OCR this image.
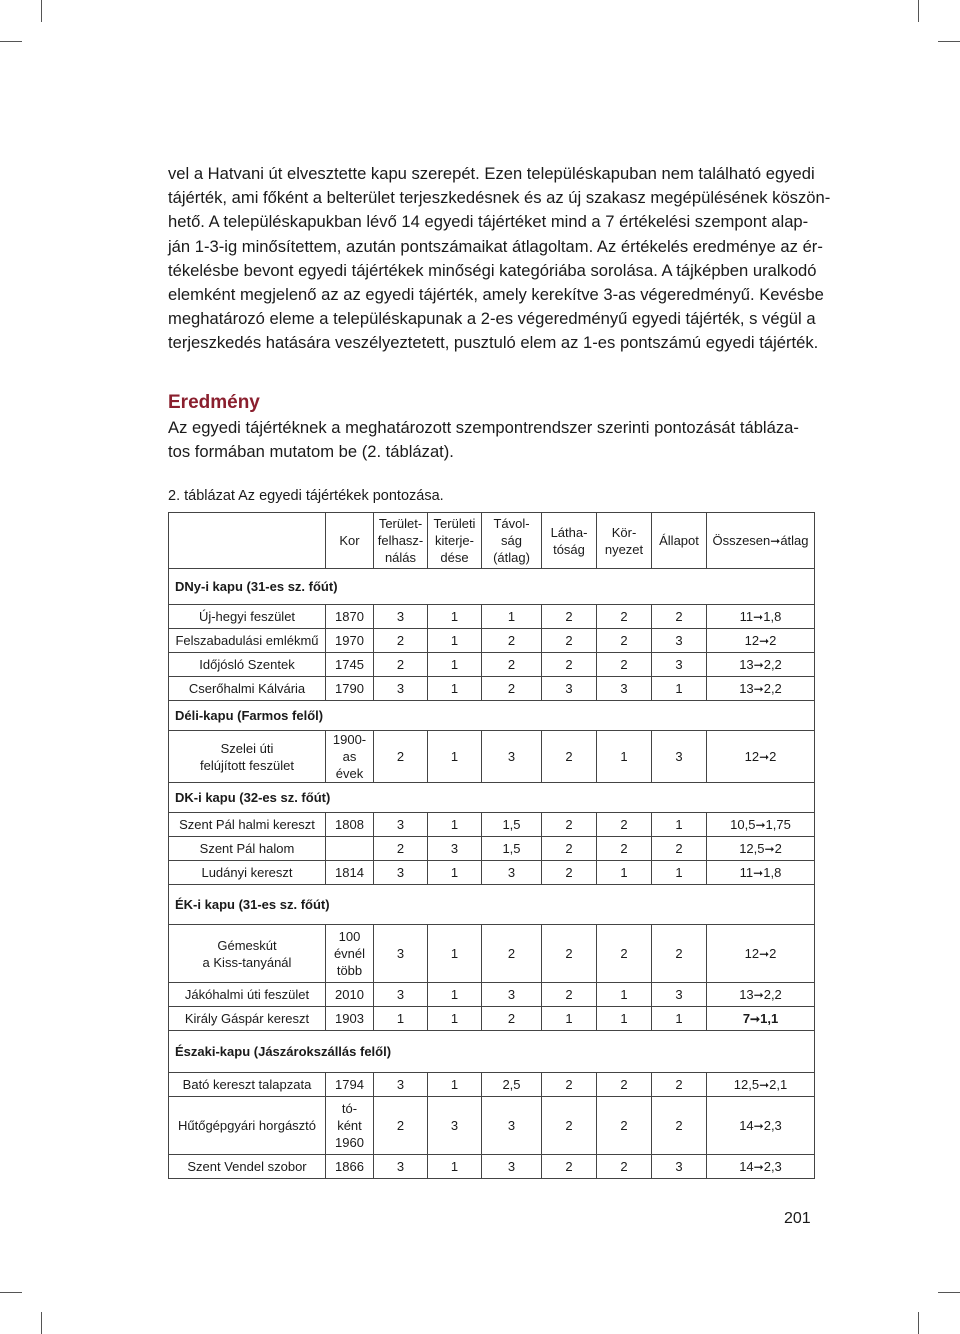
vel a Hatvani út elvesztette kapu szerepét. Ezen településkapuban nem található egyedi
tájérték, ami főként a belterület terjeszkedésnek és az új szakasz megépülésének köszön-
hető. A településkapukban lévő 14 egyedi tájértéket mind a 7 értékelési szempont alap-
ján 1-3-ig minősítettem, azután pontszámaikat átlagoltam. Az értékelés eredménye az ér-
tékelésbe bevont egyedi tájértékek minőségi kategóriába sorolása. A tájképben uralkodó
elemként megjelenő az az egyedi tájérték, amely kerekítve 3-as végeredményű. Kevésbe
meghatározó eleme a településkapunak a 2-es végeredményű egyedi tájérték, s végül a
terjeszkedés hatására veszélyeztetett, pusztuló elem az 1-es pontszámú egyedi tájérték.

Eredmény

Az egyedi tájértéknek a meghatározott szempontrendszer szerinti pontozását tábláza-
tos formában mutatom be (2. táblázat).

2. táblázat Az egyedi tájértékek pontozása.

	Kor	Terület-
felhasz-
nálás	Területi
kiterje-
dése	Távol-ság
(átlag)	Látha-
tóság	Kör-
nyezet	Állapot	Összesen➞átlag
DNy-i kapu (31-es sz. főút)								
Új-hegyi feszület	1870	3	1	1	2	2	2	11➞1,8
Felszabadulási emlékmű	1970	2	1	2	2	2	3	12➞2
Időjósló Szentek	1745	2	1	2	2	2	3	13➞2,2
Cserőhalmi Kálvária	1790	3	1	2	3	3	1	13➞2,2
Déli-kapu (Farmos felől)								
Szelei úti
felújított feszület	1900-
as évek	2	1	3	2	1	3	12➞2
DK-i kapu (32-es sz. főút)								
Szent Pál halmi kereszt	1808	3	1	1,5	2	2	1	10,5➞1,75
Szent Pál halom		2	3	1,5	2	2	2	12,5➞2
Ludányi kereszt	1814	3	1	3	2	1	1	11➞1,8
ÉK-i kapu (31-es sz. főút)								
Gémeskút
a Kiss-tanyánál	100
évnél
több	3	1	2	2	2	2	12➞2
Jákóhalmi úti feszület	2010	3	1	3	2	1	3	13➞2,2
Király Gáspár kereszt	1903	1	1	2	1	1	1	7➞1,1
Északi-kapu (Jászárokszállás felől)								
Bató kereszt talapzata	1794	3	1	2,5	2	2	2	12,5➞2,1
Hűtőgépgyári horgásztó	tó-
ként
1960	2	3	3	2	2	2	14➞2,3
Szent Vendel szobor	1866	3	1	3	2	2	3	14➞2,3

201
